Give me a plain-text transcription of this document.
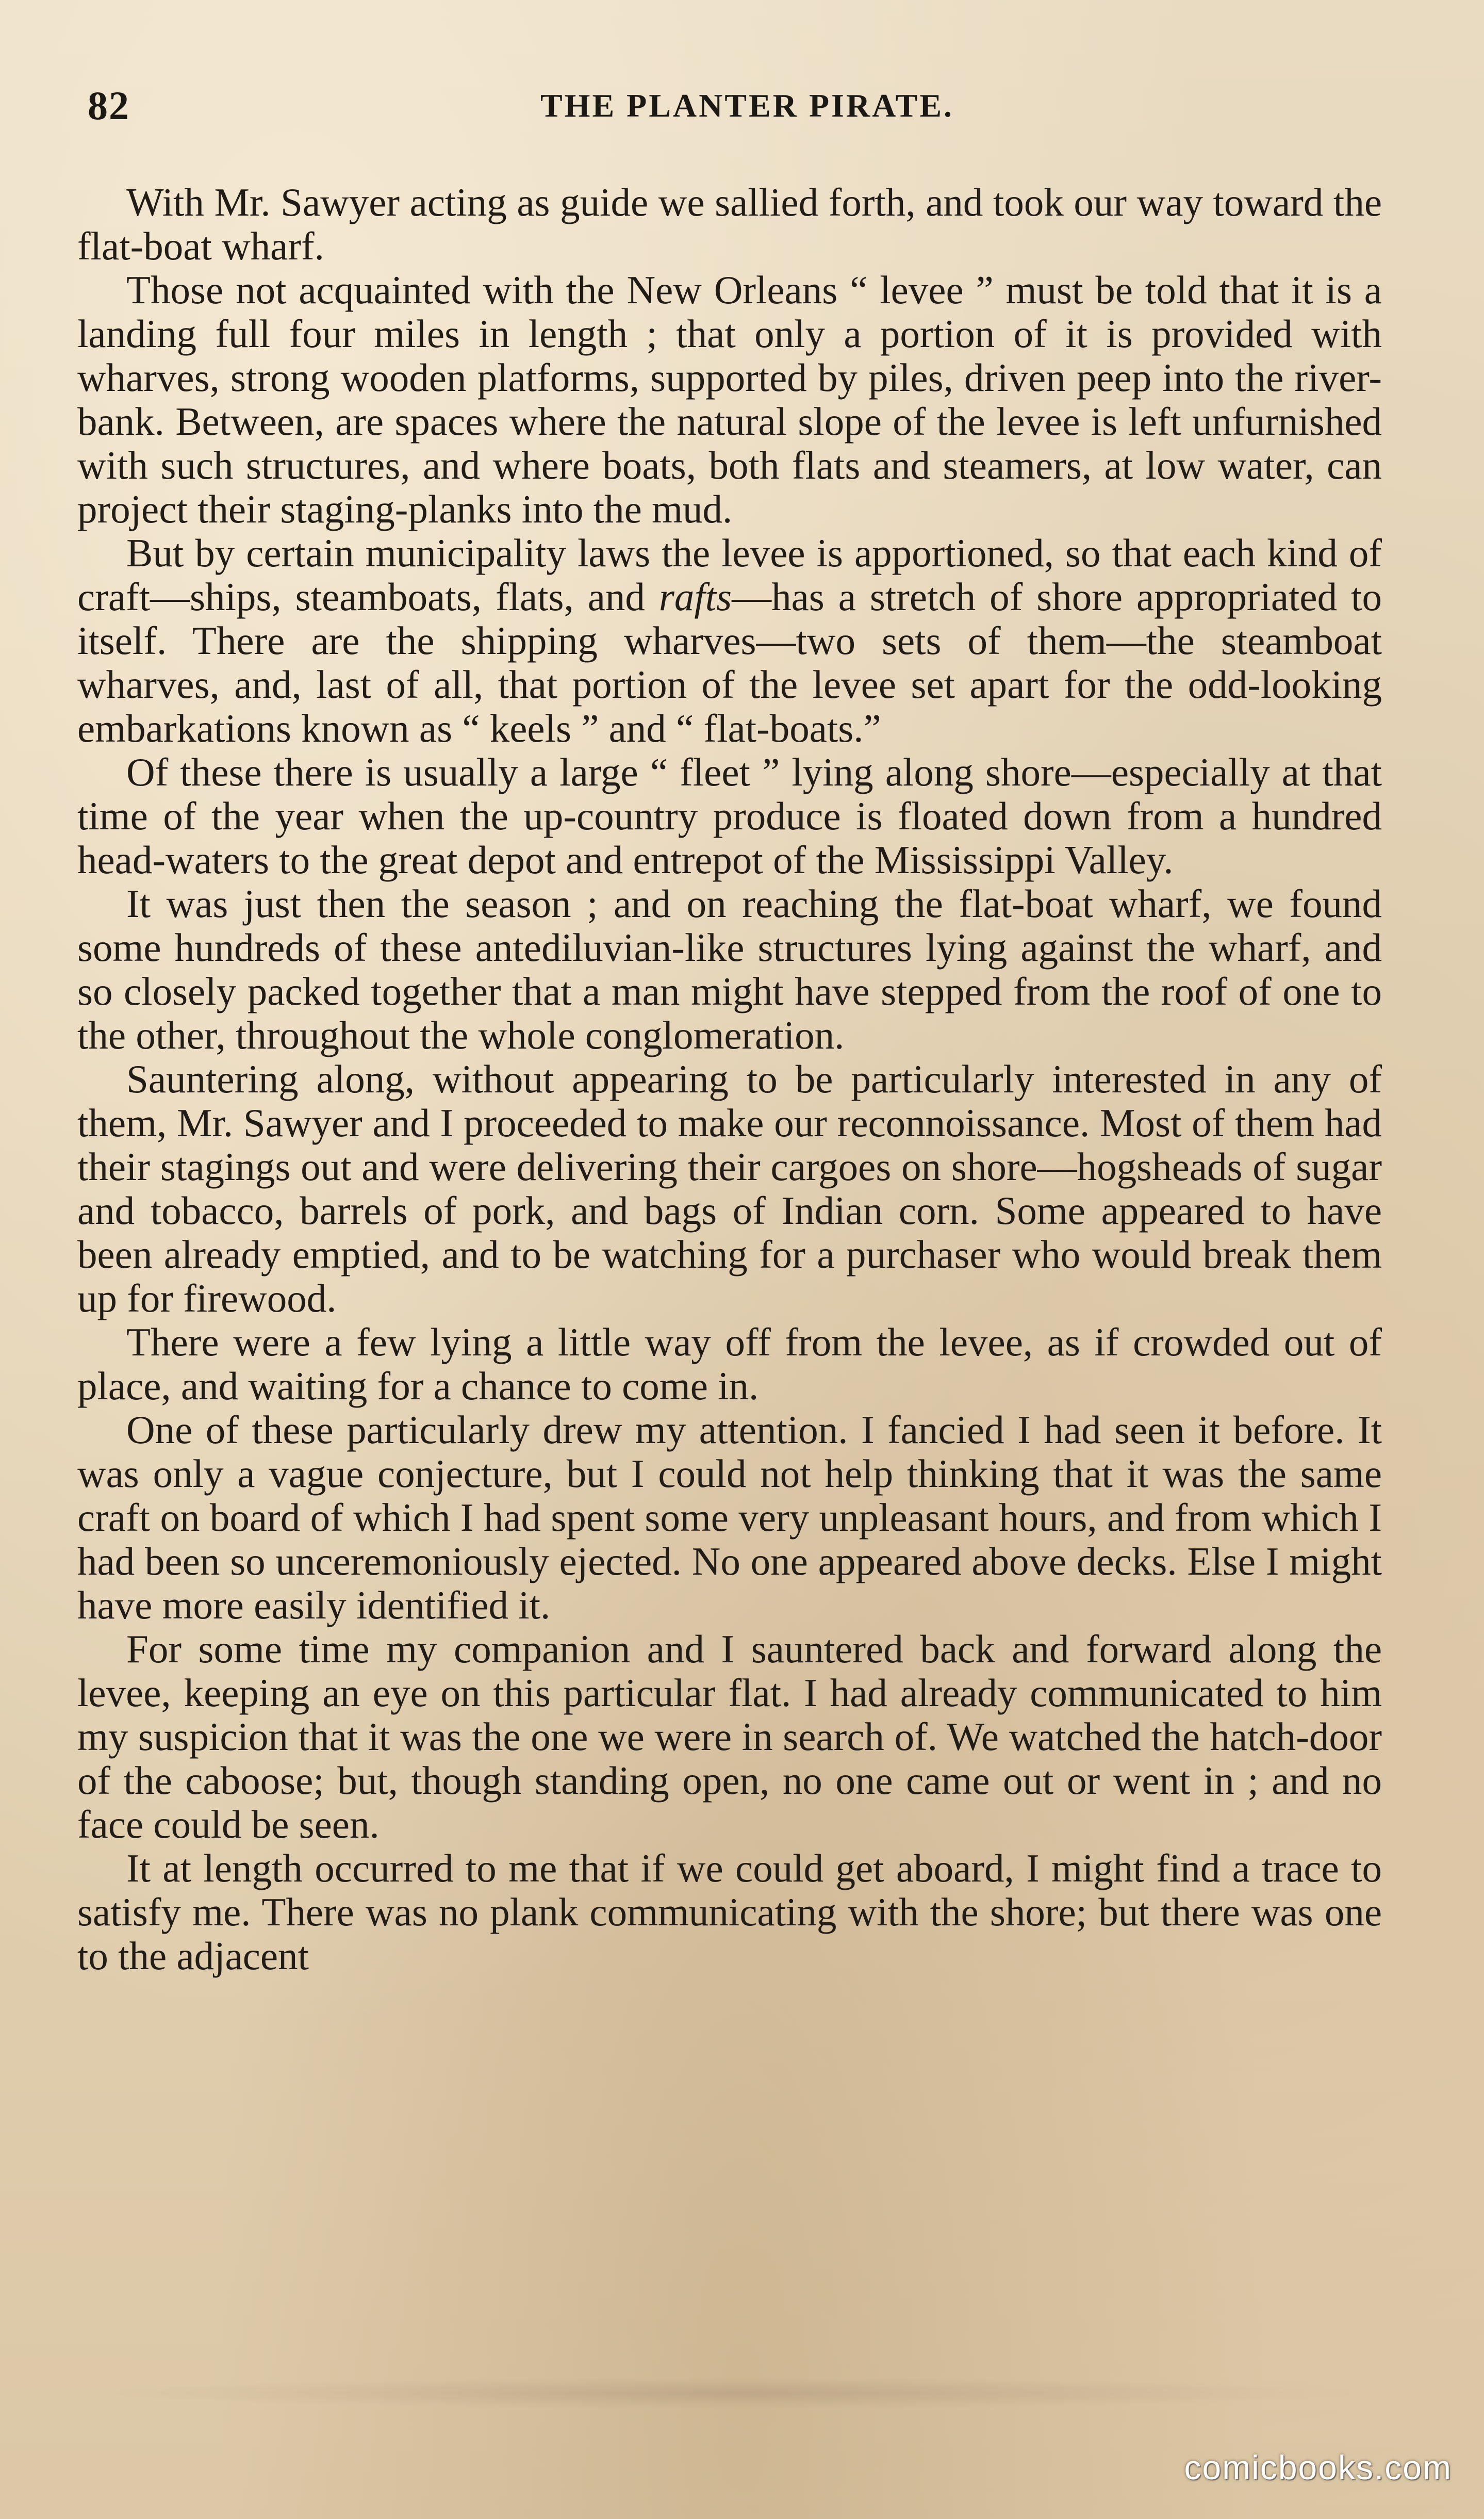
82	THE PLANTER PIRATE.

With Mr. Sawyer acting as guide we sallied forth, and took our way toward the flat-boat wharf.

Those not acquainted with the New Orleans “ levee ” must be told that it is a landing full four miles in length ; that only a portion of it is provided with wharves, strong wooden platforms, supported by piles, driven peep into the river-bank. Between, are spaces where the natural slope of the levee is left unfurnished with such structures, and where boats, both flats and steamers, at low water, can project their staging-planks into the mud.

But by certain municipality laws the levee is apportioned, so that each kind of craft—ships, steamboats, flats, and rafts—has a stretch of shore appropriated to itself. There are the shipping wharves—two sets of them—the steamboat wharves, and, last of all, that portion of the levee set apart for the odd-looking embarkations known as “ keels ” and “ flat-boats.”

Of these there is usually a large “ fleet ” lying along shore—especially at that time of the year when the up-country produce is floated down from a hundred head-waters to the great depot and entrepot of the Mississippi Valley.

It was just then the season ; and on reaching the flat-boat wharf, we found some hundreds of these antediluvian-like structures lying against the wharf, and so closely packed together that a man might have stepped from the roof of one to the other, throughout the whole conglomeration.

Sauntering along, without appearing to be particularly interested in any of them, Mr. Sawyer and I proceeded to make our reconnoissance. Most of them had their stagings out and were delivering their cargoes on shore—hogsheads of sugar and tobacco, barrels of pork, and bags of Indian corn. Some appeared to have been already emptied, and to be watching for a purchaser who would break them up for firewood.

There were a few lying a little way off from the levee, as if crowded out of place, and waiting for a chance to come in.

One of these particularly drew my attention. I fancied I had seen it before. It was only a vague conjecture, but I could not help thinking that it was the same craft on board of which I had spent some very unpleasant hours, and from which I had been so unceremoniously ejected. No one appeared above decks. Else I might have more easily identified it.

For some time my companion and I sauntered back and forward along the levee, keeping an eye on this particular flat. I had already communicated to him my suspicion that it was the one we were in search of. We watched the hatch-door of the caboose; but, though standing open, no one came out or went in ; and no face could be seen.

It at length occurred to me that if we could get aboard, I might find a trace to satisfy me. There was no plank communicating with the shore; but there was one to the adjacent

comicbooks.com
